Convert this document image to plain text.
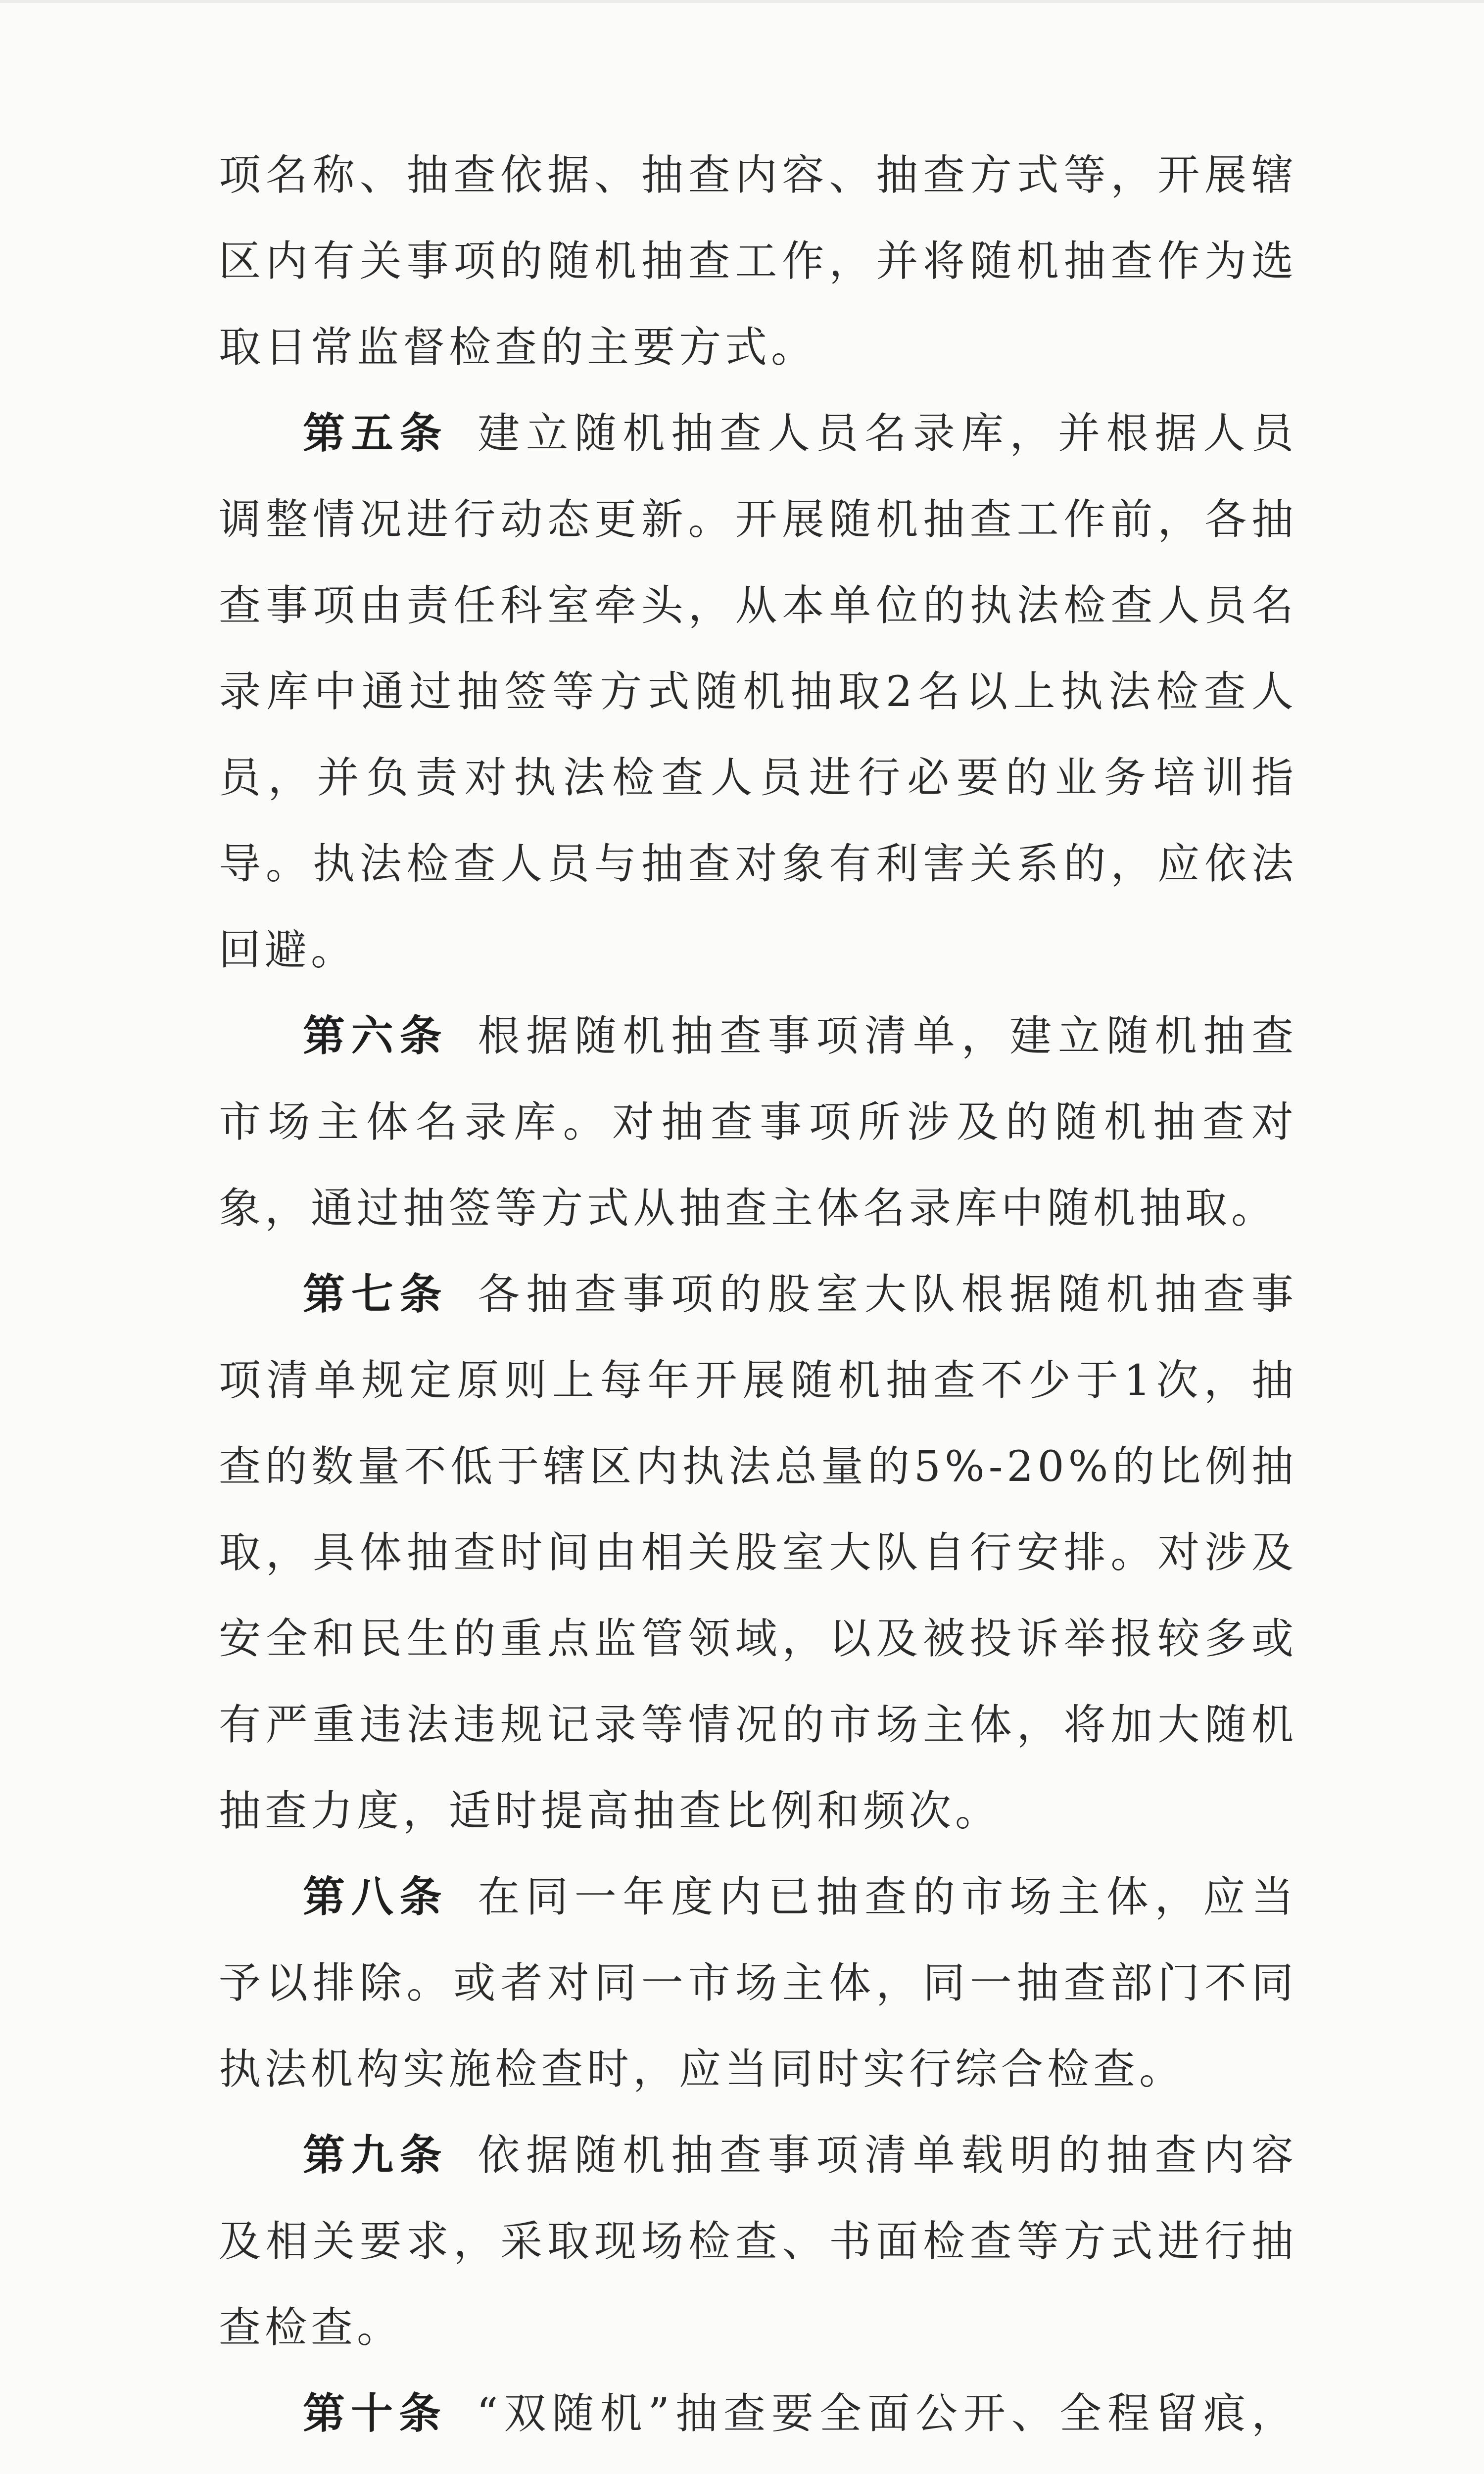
项名称、抽查依据、抽查内容、抽查方式等，开展辖区内有关事项的随机抽查工作，并将随机抽查作为选取日常监督检查的主要方式。

第五条 建立随机抽查人员名录库，并根据人员调整情况进行动态更新。开展随机抽查工作前，各抽查事项由责任科室牵头，从本单位的执法检查人员名录库中通过抽签等方式随机抽取2名以上执法检查人员，并负责对执法检查人员进行必要的业务培训指导。执法检查人员与抽查对象有利害关系的，应依法回避。

第六条 根据随机抽查事项清单，建立随机抽查市场主体名录库。对抽查事项所涉及的随机抽查对象，通过抽签等方式从抽查主体名录库中随机抽取。

第七条 各抽查事项的股室大队根据随机抽查事项清单规定原则上每年开展随机抽查不少于1次，抽查的数量不低于辖区内执法总量的5%-20%的比例抽取，具体抽查时间由相关股室大队自行安排。对涉及安全和民生的重点监管领域，以及被投诉举报较多或有严重违法违规记录等情况的市场主体，将加大随机抽查力度，适时提高抽查比例和频次。

第八条 在同一年度内已抽查的市场主体，应当予以排除。或者对同一市场主体，同一抽查部门不同执法机构实施检查时，应当同时实行综合检查。

第九条 依据随机抽查事项清单载明的抽查内容及相关要求，采取现场检查、书面检查等方式进行抽查检查。

第十条 “双随机”抽查要全面公开、全程留痕，
